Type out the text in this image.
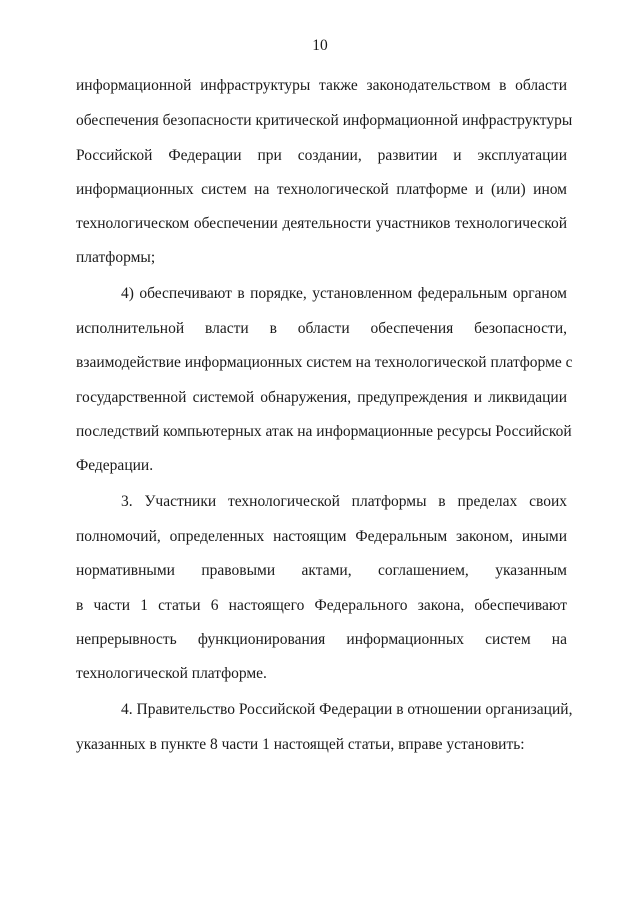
10
информационной инфраструктуры также законодательством в области
обеспечения безопасности критической информационной инфраструктуры
Российской Федерации при создании, развитии и эксплуатации
информационных систем на технологической платформе и (или) ином
технологическом обеспечении деятельности участников технологической
платформы;
4) обеспечивают в порядке, установленном федеральным органом
исполнительной власти в области обеспечения безопасности,
взаимодействие информационных систем на технологической платформе с
государственной системой обнаружения, предупреждения и ликвидации
последствий компьютерных атак на информационные ресурсы Российской
Федерации.
3. Участники технологической платформы в пределах своих
полномочий, определенных настоящим Федеральным законом, иными
нормативными правовыми актами, соглашением, указанным
в части 1 статьи 6 настоящего Федерального закона, обеспечивают
непрерывность функционирования информационных систем на
технологической платформе.
4. Правительство Российской Федерации в отношении организаций,
указанных в пункте 8 части 1 настоящей статьи, вправе установить:
